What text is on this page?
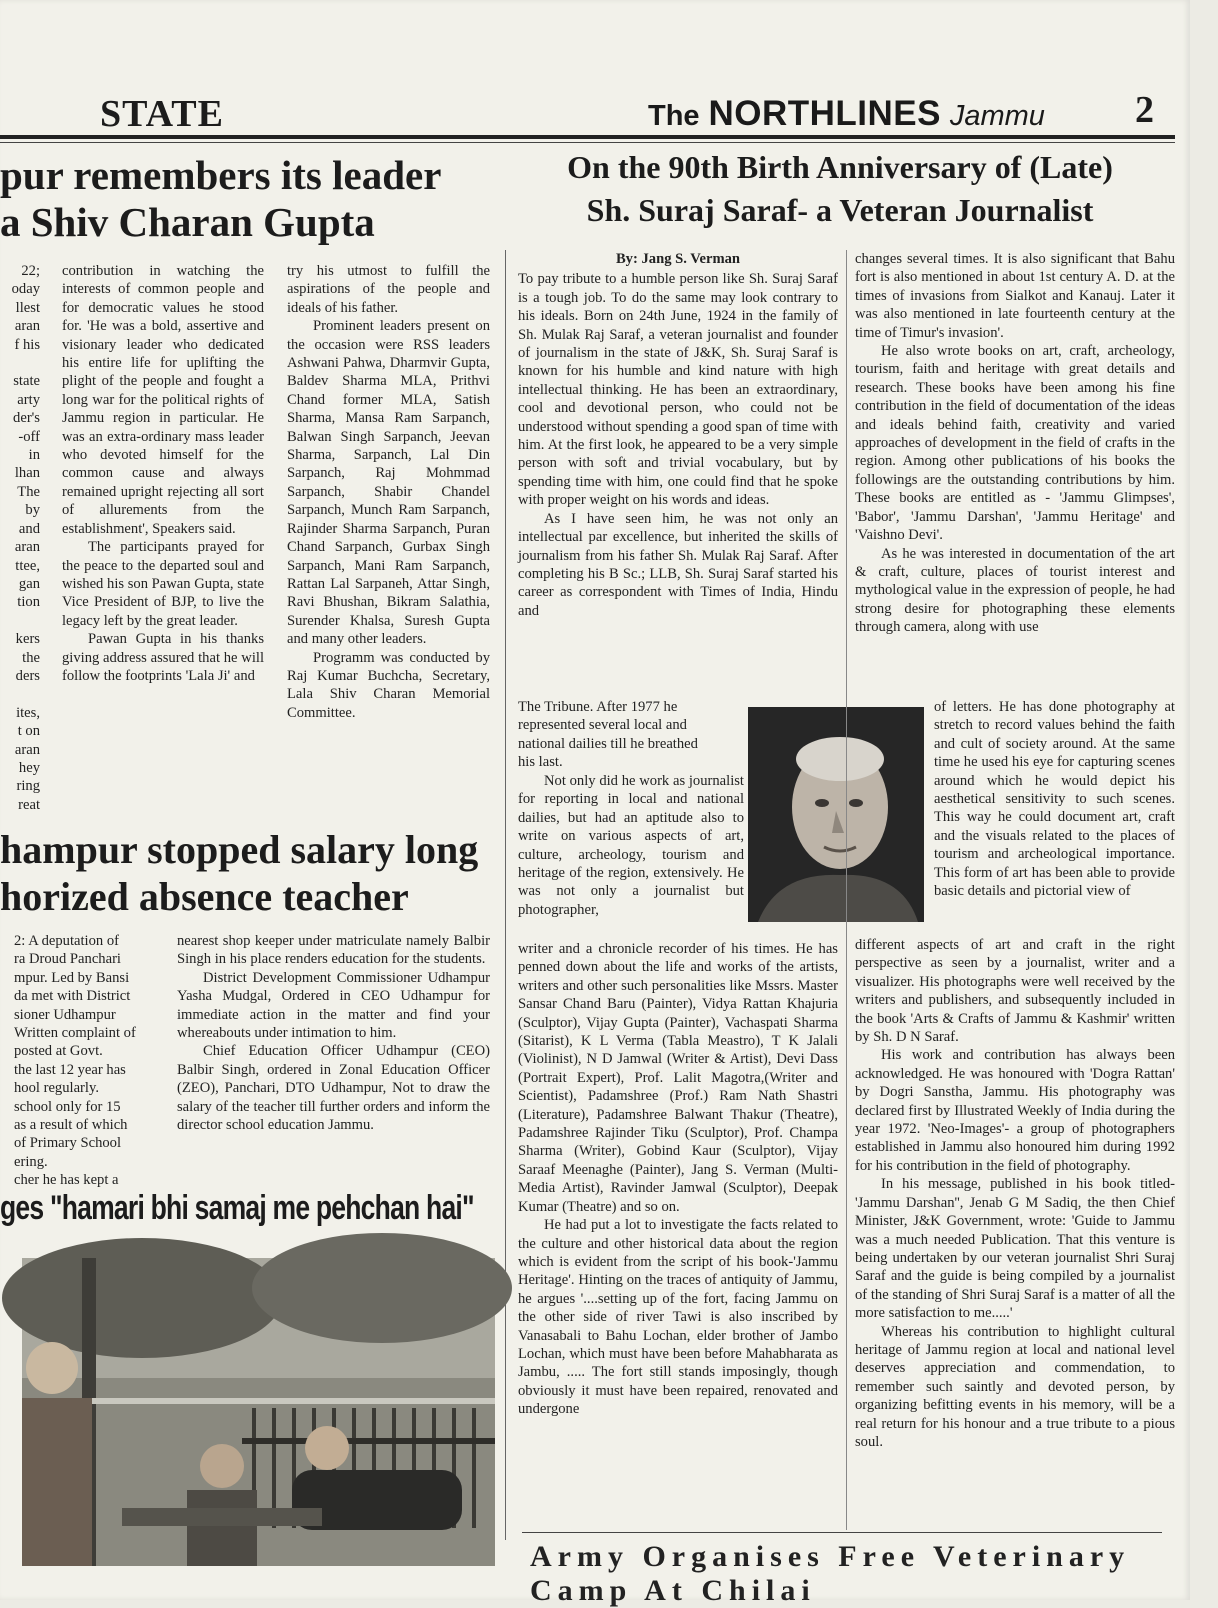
STATE	The NORTHLINES Jammu 2
pur remembers its leader
a Shiv Charan Gupta
22;
oday
llest
aran
f his

state
arty
der's
-off
in
lhan
The
by
and
aran
ttee,
gan
tion

kers
the
ders

ites,
t on
aran
hey
ring
reat

contribution in watching the interests of common people and for democratic values he stood for. 'He was a bold, assertive and visionary leader who dedicated his entire life for uplifting the plight of the people and fought a long war for the political rights of Jammu region in particular. He was an extra-ordinary mass leader who devoted himself for the common cause and always remained upright rejecting all sort of allurements from the establishment', Speakers said.

The participants prayed for the peace to the departed soul and wished his son Pawan Gupta, state Vice President of BJP, to live the legacy left by the great leader.

Pawan Gupta in his thanks giving address assured that he will follow the footprints 'Lala Ji' and

try his utmost to fulfill the aspirations of the people and ideals of his father.

Prominent leaders present on the occasion were RSS leaders Ashwani Pahwa, Dharmvir Gupta, Baldev Sharma MLA, Prithvi Chand former MLA, Satish Sharma, Mansa Ram Sarpanch, Balwan Singh Sarpanch, Jeevan Sharma, Sarpanch, Lal Din Sarpanch, Raj Mohmmad Sarpanch, Shabir Chandel Sarpanch, Munch Ram Sarpanch, Rajinder Sharma Sarpanch, Puran Chand Sarpanch, Gurbax Singh Sarpanch, Mani Ram Sarpanch, Rattan Lal Sarpaneh, Attar Singh, Ravi Bhushan, Bikram Salathia, Surender Khalsa, Suresh Gupta and many other leaders.

Programm was conducted by Raj Kumar Buchcha, Secretary, Lala Shiv Charan Memorial Committee.

hampur stopped salary long
horized absence teacher
2: A deputation of
ra Droud Panchari
mpur. Led by Bansi
da met with District
sioner Udhampur
Written complaint of
posted at Govt.
the last 12 year has
hool regularly.
school only for 15
as a result of which
of Primary School
ering.
cher he has kept a

nearest shop keeper under matriculate namely Balbir Singh in his place renders education for the students.

District Development Commissioner Udhampur Yasha Mudgal, Ordered in CEO Udhampur for immediate action in the matter and find your whereabouts under intimation to him.

Chief Education Officer Udhampur (CEO) Balbir Singh, ordered in Zonal Education Officer (ZEO), Panchari, DTO Udhampur, Not to draw the salary of the teacher till further orders and inform the director school education Jammu.

ges "hamari bhi samaj me pehchan hai"
On the 90th Birth Anniversary of (Late)
Sh. Suraj Saraf- a Veteran Journalist
By: Jang S. Verman

To pay tribute to a humble person like Sh. Suraj Saraf is a tough job. To do the same may look contrary to his ideals. Born on 24th June, 1924 in the family of Sh. Mulak Raj Saraf, a veteran journalist and founder of journalism in the state of J&K, Sh. Suraj Saraf is known for his humble and kind nature with high intellectual thinking. He has been an extraordinary, cool and devotional person, who could not be understood without spending a good span of time with him. At the first look, he appeared to be a very simple person with soft and trivial vocabulary, but by spending time with him, one could find that he spoke with proper weight on his words and ideas.

As I have seen him, he was not only an intellectual par excellence, but inherited the skills of journalism from his father Sh. Mulak Raj Saraf. After completing his B Sc.; LLB, Sh. Suraj Saraf started his career as correspondent with Times of India, Hindu and

The Tribune. After 1977 he
represented several local and
national dailies till he breathed
his last.

Not only did he work as journalist for reporting in local and national dailies, but had an aptitude also to write on various aspects of art, culture, archeology, tourism and heritage of the region, extensively. He was not only a journalist but photographer,

writer and a chronicle recorder of his times. He has penned down about the life and works of the artists, writers and other such personalities like Mssrs. Master Sansar Chand Baru (Painter), Vidya Rattan Khajuria (Sculptor), Vijay Gupta (Painter), Vachaspati Sharma (Sitarist), K L Verma (Tabla Meastro), T K Jalali (Violinist), N D Jamwal (Writer & Artist), Devi Dass (Portrait Expert), Prof. Lalit Magotra,(Writer and Scientist), Padamshree (Prof.) Ram Nath Shastri (Literature), Padamshree Balwant Thakur (Theatre), Padamshree Rajinder Tiku (Sculptor), Prof. Champa Sharma (Writer), Gobind Kaur (Sculptor), Vijay Saraaf Meenaghe (Painter), Jang S. Verman (Multi-Media Artist), Ravinder Jamwal (Sculptor), Deepak Kumar (Theatre) and so on.

He had put a lot to investigate the facts related to the culture and other historical data about the region which is evident from the script of his book-'Jammu Heritage'. Hinting on the traces of antiquity of Jammu, he argues '....setting up of the fort, facing Jammu on the other side of river Tawi is also inscribed by Vanasabali to Bahu Lochan, elder brother of Jambo Lochan, which must have been before Mahabharata as Jambu, ..... The fort still stands imposingly, though obviously it must have been repaired, renovated and undergone

changes several times. It is also significant that Bahu fort is also mentioned in about 1st century A. D. at the times of invasions from Sialkot and Kanauj. Later it was also mentioned in late fourteenth century at the time of Timur's invasion'.

He also wrote books on art, craft, archeology, tourism, faith and heritage with great details and research. These books have been among his fine contribution in the field of documentation of the ideas and ideals behind faith, creativity and varied approaches of development in the field of crafts in the region. Among other publications of his books the followings are the outstanding contributions by him. These books are entitled as - 'Jammu Glimpses', 'Babor', 'Jammu Darshan', 'Jammu Heritage' and 'Vaishno Devi'.

As he was interested in documentation of the art & craft, culture, places of tourist interest and mythological value in the expression of people, he had strong desire for photographing these elements through camera, along with use

of letters. He has done photography at stretch to record values behind the faith and cult of society around. At the same time he used his eye for capturing scenes around which he would depict his aesthetical sensitivity to such scenes. This way he could document art, craft and the visuals related to the places of tourism and archeological importance. This form of art has been able to provide basic details and pictorial view of

different aspects of art and craft in the right perspective as seen by a journalist, writer and a visualizer. His photographs were well received by the writers and publishers, and subsequently included in the book 'Arts & Crafts of Jammu & Kashmir' written by Sh. D N Saraf.

His work and contribution has always been acknowledged. He was honoured with 'Dogra Rattan' by Dogri Sanstha, Jammu. His photography was declared first by Illustrated Weekly of India during the year 1972. 'Neo-Images'- a group of photographers established in Jammu also honoured him during 1992 for his contribution in the field of photography.

In his message, published in his book titled-'Jammu Darshan'', Jenab G M Sadiq, the then Chief Minister, J&K Government, wrote: 'Guide to Jammu was a much needed Publication. That this venture is being undertaken by our veteran journalist Shri Suraj Saraf and the guide is being compiled by a journalist of the standing of Shri Suraj Saraf is a matter of all the more satisfaction to me.....'

Whereas his contribution to highlight cultural heritage of Jammu region at local and national level deserves appreciation and commendation, to remember such saintly and devoted person, by organizing befitting events in his memory, will be a real return for his honour and a true tribute to a pious soul.

Army Organises Free Veterinary Camp At Chilai
